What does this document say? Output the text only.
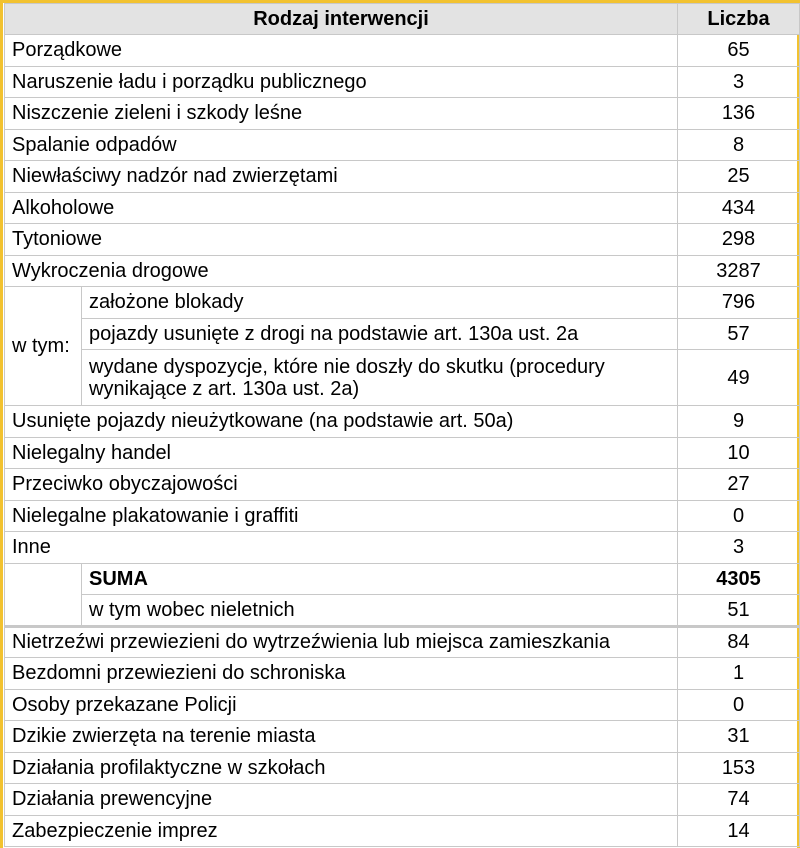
Rodzaj interwencji		Liczba
Porządkowe		65
Naruszenie ładu i porządku publicznego		3
Niszczenie zieleni i szkody leśne		136
Spalanie odpadów		8
Niewłaściwy nadzór nad zwierzętami		25
Alkoholowe		434
Tytoniowe		298
Wykroczenia drogowe		3287
w tym:	założone blokady	796
	pojazdy usunięte z drogi na podstawie art. 130a ust. 2a	57
	wydane dyspozycje, które nie doszły do skutku (procedury wynikające z art. 130a ust. 2a)	49
Usunięte pojazdy nieużytkowane (na podstawie art. 50a)		9
Nielegalny handel		10
Przeciwko obyczajowości		27
Nielegalne plakatowanie i graffiti		0
Inne		3
	SUMA	4305
	w tym wobec nieletnich	51
Nietrzeźwi przewiezieni do wytrzeźwienia lub miejsca zamieszkania		84
Bezdomni przewiezieni do schroniska		1
Osoby przekazane Policji		0
Dzikie zwierzęta na terenie miasta		31
Działania profilaktyczne w szkołach		153
Działania prewencyjne		74
Zabezpieczenie imprez		14
